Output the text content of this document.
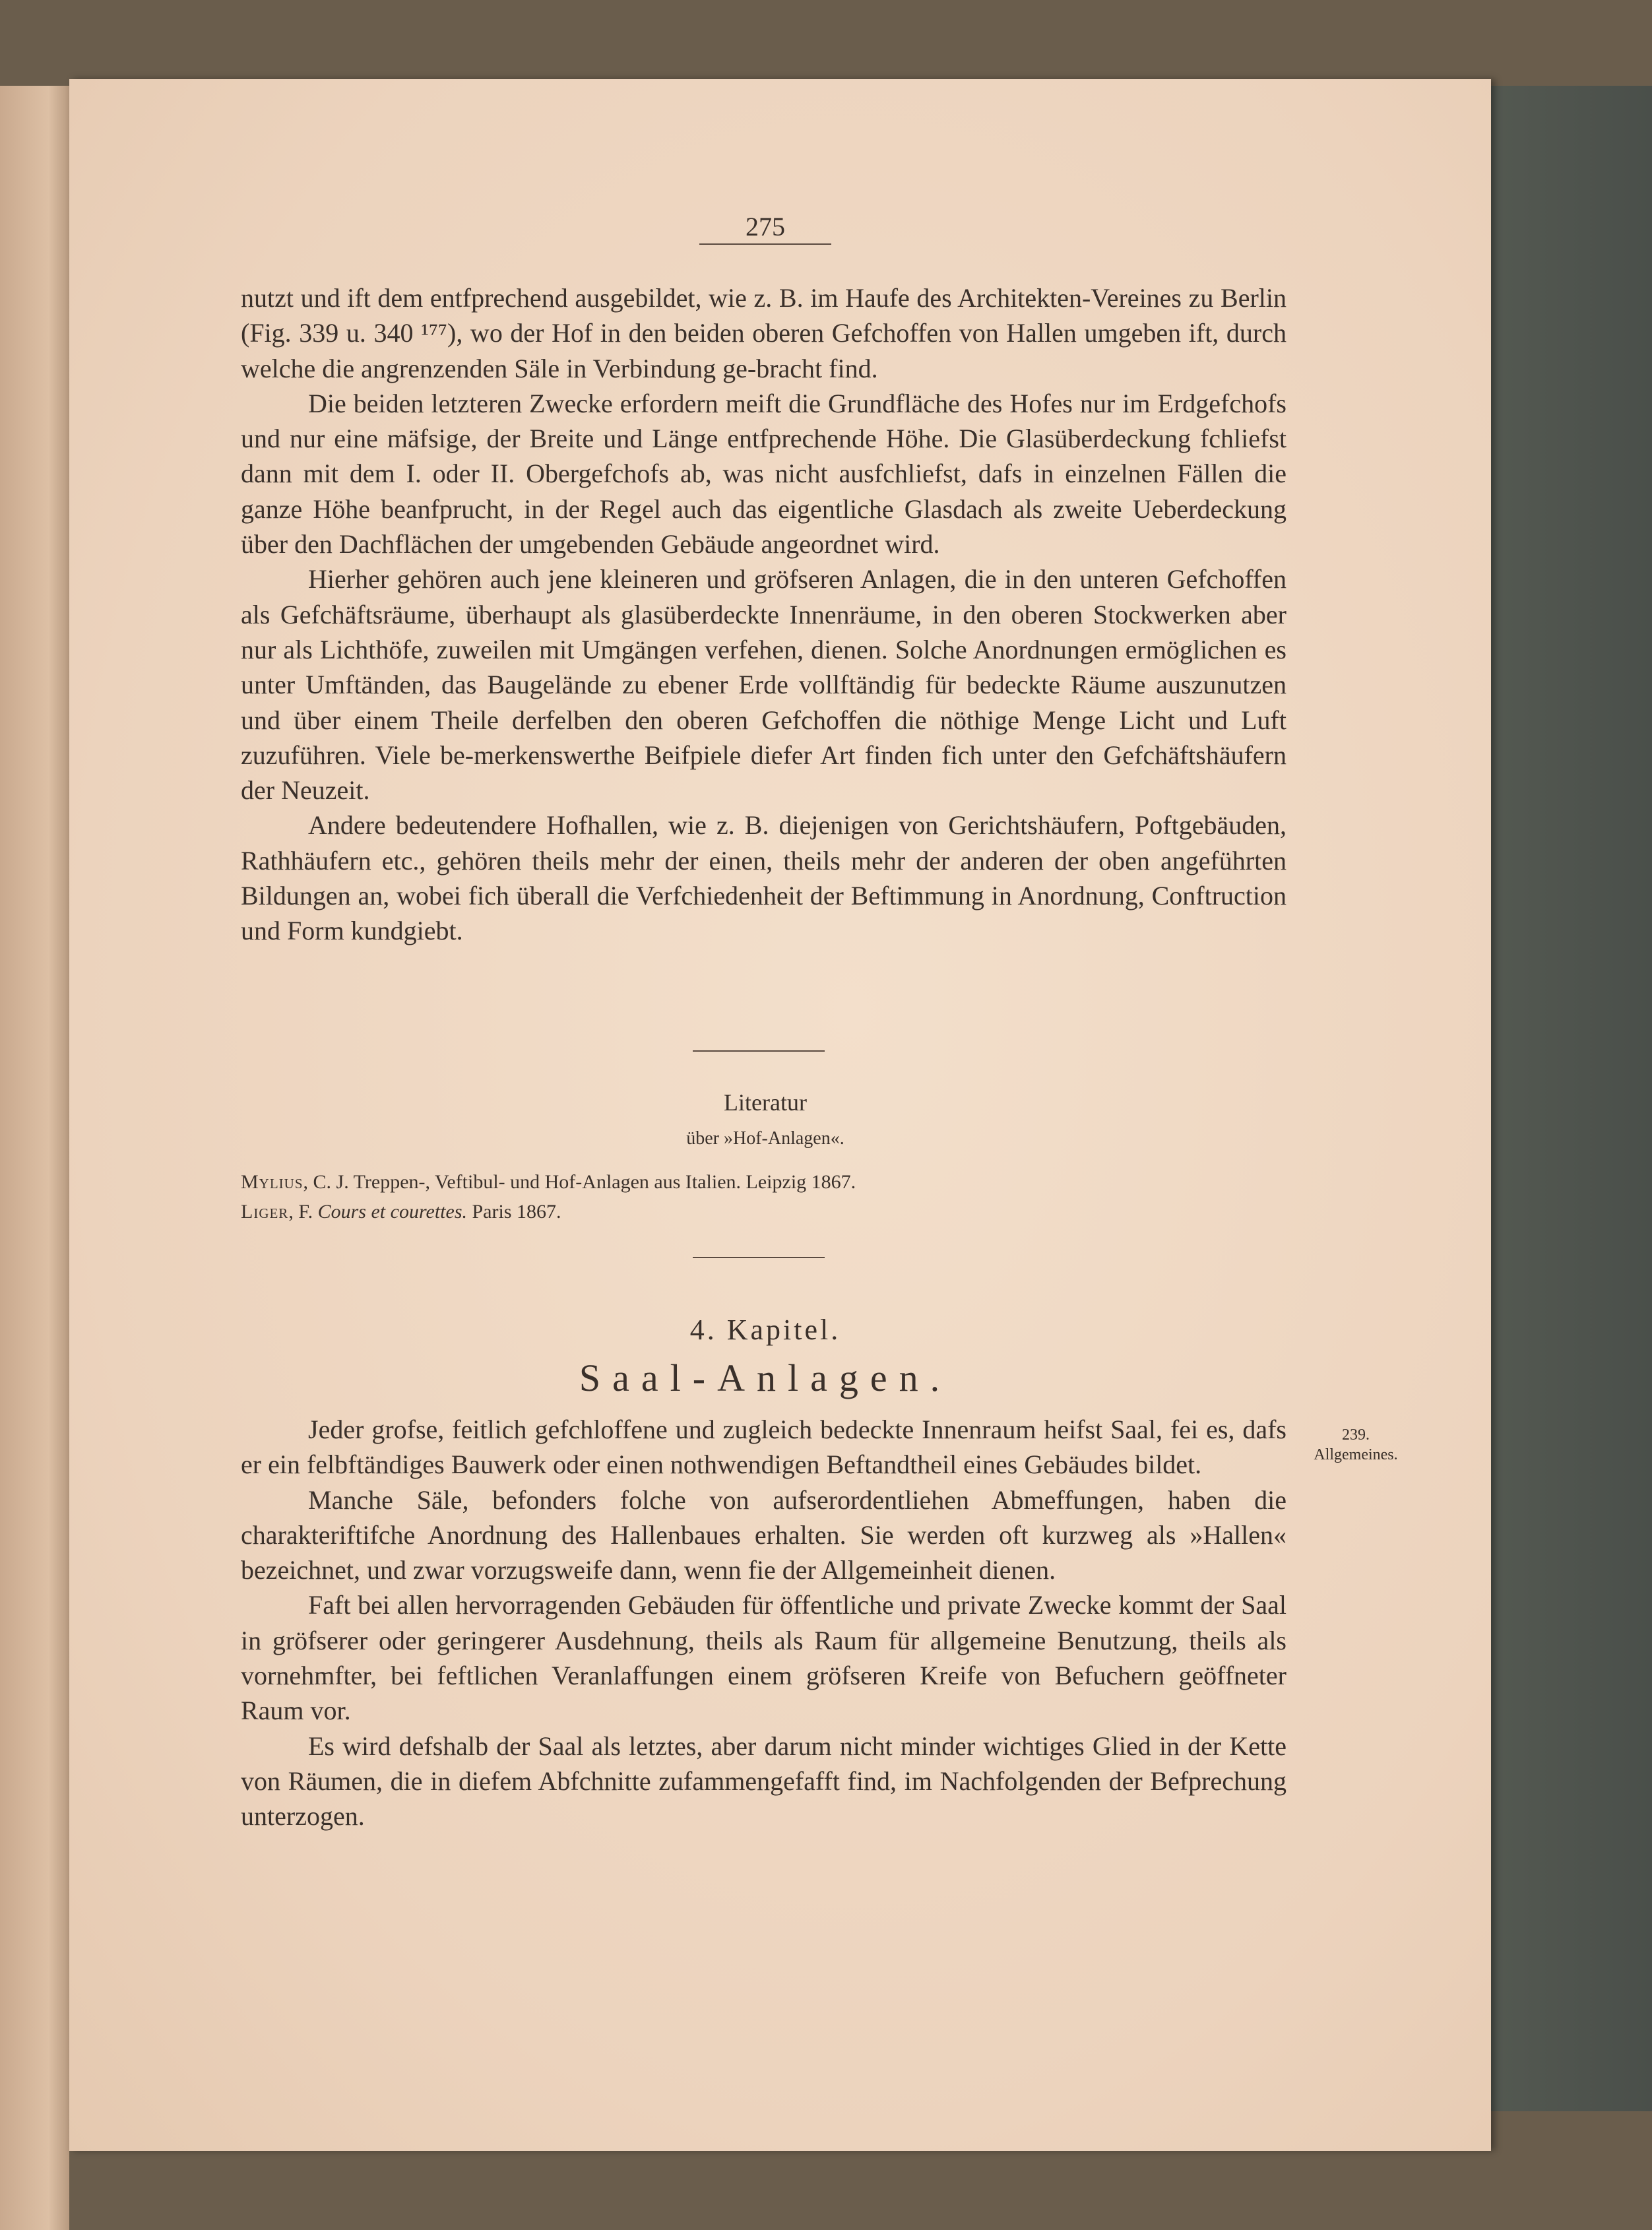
275

nutzt und ift dem entfprechend ausgebildet, wie z. B. im Haufe des Architekten-Vereines zu Berlin (Fig. 339 u. 340 ¹⁷⁷), wo der Hof in den beiden oberen Gefchoffen von Hallen umgeben ift, durch welche die angrenzenden Säle in Verbindung ge-bracht find.

Die beiden letzteren Zwecke erfordern meift die Grundfläche des Hofes nur im Erdgefchofs und nur eine mäfsige, der Breite und Länge entfprechende Höhe. Die Glasüberdeckung fchliefst dann mit dem I. oder II. Obergefchofs ab, was nicht ausfchliefst, dafs in einzelnen Fällen die ganze Höhe beanfprucht, in der Regel auch das eigentliche Glasdach als zweite Ueberdeckung über den Dachflächen der umgebenden Gebäude angeordnet wird.

Hierher gehören auch jene kleineren und gröfseren Anlagen, die in den unteren Gefchoffen als Gefchäftsräume, überhaupt als glasüberdeckte Innenräume, in den oberen Stockwerken aber nur als Lichthöfe, zuweilen mit Umgängen verfehen, dienen. Solche Anordnungen ermöglichen es unter Umftänden, das Baugelände zu ebener Erde vollftändig für bedeckte Räume auszunutzen und über einem Theile derfelben den oberen Gefchoffen die nöthige Menge Licht und Luft zuzuführen. Viele be-merkenswerthe Beifpiele diefer Art finden fich unter den Gefchäftshäufern der Neuzeit.

Andere bedeutendere Hofhallen, wie z. B. diejenigen von Gerichtshäufern, Poftgebäuden, Rathhäufern etc., gehören theils mehr der einen, theils mehr der anderen der oben angeführten Bildungen an, wobei fich überall die Verfchiedenheit der Beftimmung in Anordnung, Conftruction und Form kundgiebt.

Literatur
über »Hof-Anlagen«.
Mylius, C. J. Treppen-, Veftibul- und Hof-Anlagen aus Italien. Leipzig 1867.
Liger, F. Cours et courettes. Paris 1867.
4. Kapitel.
Saal-Anlagen.
239.
Allgemeines.

Jeder grofse, feitlich gefchloffene und zugleich bedeckte Innenraum heifst Saal, fei es, dafs er ein felbftändiges Bauwerk oder einen nothwendigen Beftandtheil eines Gebäudes bildet.

Manche Säle, befonders folche von aufserordentliehen Abmeffungen, haben die charakteriftifche Anordnung des Hallenbaues erhalten. Sie werden oft kurzweg als »Hallen« bezeichnet, und zwar vorzugsweife dann, wenn fie der Allgemeinheit dienen.

Faft bei allen hervorragenden Gebäuden für öffentliche und private Zwecke kommt der Saal in gröfserer oder geringerer Ausdehnung, theils als Raum für allgemeine Benutzung, theils als vornehmfter, bei feftlichen Veranlaffungen einem gröfseren Kreife von Befuchern geöffneter Raum vor.

Es wird defshalb der Saal als letztes, aber darum nicht minder wichtiges Glied in der Kette von Räumen, die in diefem Abfchnitte zufammengefafft find, im Nachfolgenden der Befprechung unterzogen.
